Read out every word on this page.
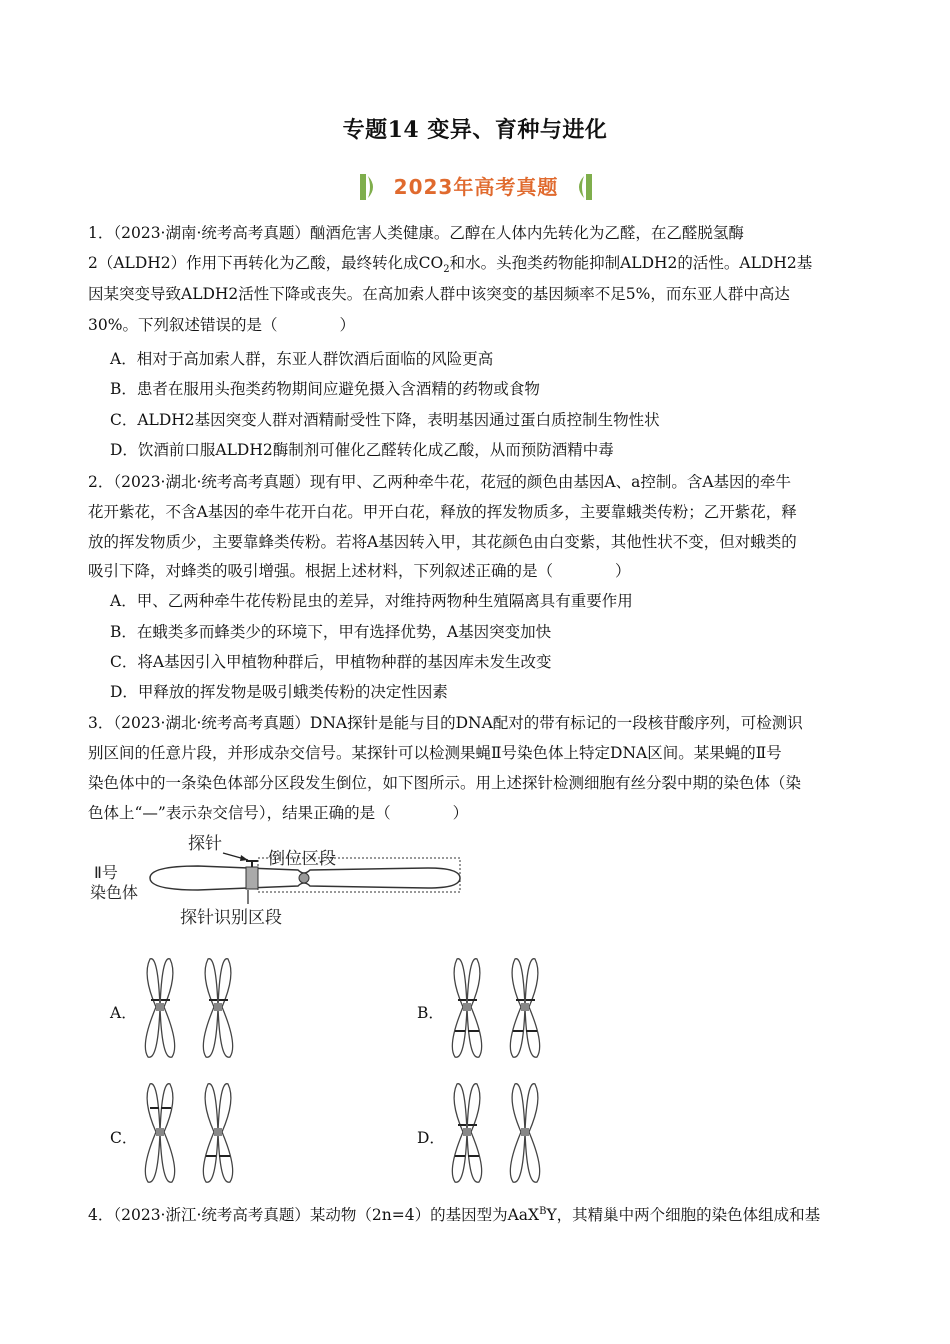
专题14 变异、育种与进化
2023年高考真题
1．（2023·湖南·统考高考真题）酗酒危害人类健康。乙醇在人体内先转化为乙醛，在乙醛脱氢酶
2（ALDH2）作用下再转化为乙酸，最终转化成$CO_2$和水。头孢类药物能抑制ALDH2的活性。ALDH2基
因某突变导致ALDH2活性下降或丧失。在高加索人群中该突变的基因频率不足5%，而东亚人群中高达
30%。下列叙述错误的是（	）
A．相对于高加索人群，东亚人群饮酒后面临的风险更高
B．患者在服用头孢类药物期间应避免摄入含酒精的药物或食物
C．ALDH2基因突变人群对酒精耐受性下降，表明基因通过蛋白质控制生物性状
D．饮酒前口服ALDH2酶制剂可催化乙醛转化成乙酸，从而预防酒精中毒
2．（2023·湖北·统考高考真题）现有甲、乙两种牵牛花，花冠的颜色由基因A、a控制。含A基因的牵牛
花开紫花，不含A基因的牵牛花开白花。甲开白花，释放的挥发物质多，主要靠蛾类传粉；乙开紫花，释
放的挥发物质少，主要靠蜂类传粉。若将A基因转入甲，其花颜色由白变紫，其他性状不变，但对蛾类的
吸引下降，对蜂类的吸引增强。根据上述材料，下列叙述正确的是（	）
A．甲、乙两种牵牛花传粉昆虫的差异，对维持两物种生殖隔离具有重要作用
B．在蛾类多而蜂类少的环境下，甲有选择优势，A基因突变加快
C．将A基因引入甲植物种群后，甲植物种群的基因库未发生改变
D．甲释放的挥发物是吸引蛾类传粉的决定性因素
3．（2023·湖北·统考高考真题）DNA探针是能与目的DNA配对的带有标记的一段核苷酸序列，可检测识
别区间的任意片段，并形成杂交信号。某探针可以检测果蝇Ⅱ号染色体上特定DNA区间。某果蝇的Ⅱ号
染色体中的一条染色体部分区段发生倒位，如下图所示。用上述探针检测细胞有丝分裂中期的染色体（染
色体上“—”表示杂交信号），结果正确的是（	）
探针
倒位区段
Ⅱ号
染色体
探针识别区段
A．	B．
C．	D．
4．（2023·浙江·统考高考真题）某动物（2n=4）的基因型为AaX$^B$Y，其精巢中两个细胞的染色体组成和基
